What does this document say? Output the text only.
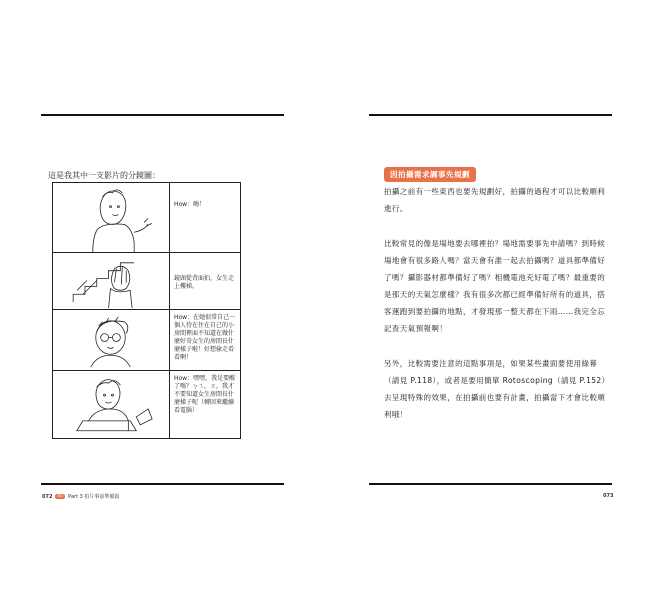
這是我其中一支影片的分鏡圖：
How：嗨！
鏡頭從背面拍，女生走上樓梯。
How：在她很常自己一個人待在住在自己的小房間裡面不知道在做什麼好奇女生的房間長什麼樣子啦！好想偷走看看啊！
How：嘿嘿，我是要醒了嗎？ㄅㄟ，ㄡ，我才不要知道女生房間長什麼樣子呢（轉回來繼續看電腦）
072	05	Part 3 拍片事前準備篇
因拍攝需求調事先規劃
拍攝之前有一些東西也要先規劃好，拍攝的過程才可以比較順利進行。
比較常見的像是場地要去哪裡拍？場地需要事先申請嗎？到時候場地會有很多路人嗎？當天會有誰一起去拍攝嗎？道具都準備好了嗎？攝影器材都準備好了嗎？相機電池充好電了嗎？最重要的是那天的天氣怎麼樣？我有很多次都已經準備好所有的道具，搭客運跑到要拍攝的地點，才發現那一整天都在下雨……我完全忘記查天氣預報啊！
另外，比較需要注意的這點事項是，如果某些畫面要使用綠幕（請見 P.118），或者是要用簡單 Rotoscoping（請見 P.152）去呈現特殊的效果，在拍攝前也要有計畫，拍攝當下才會比較順利哦！
073
